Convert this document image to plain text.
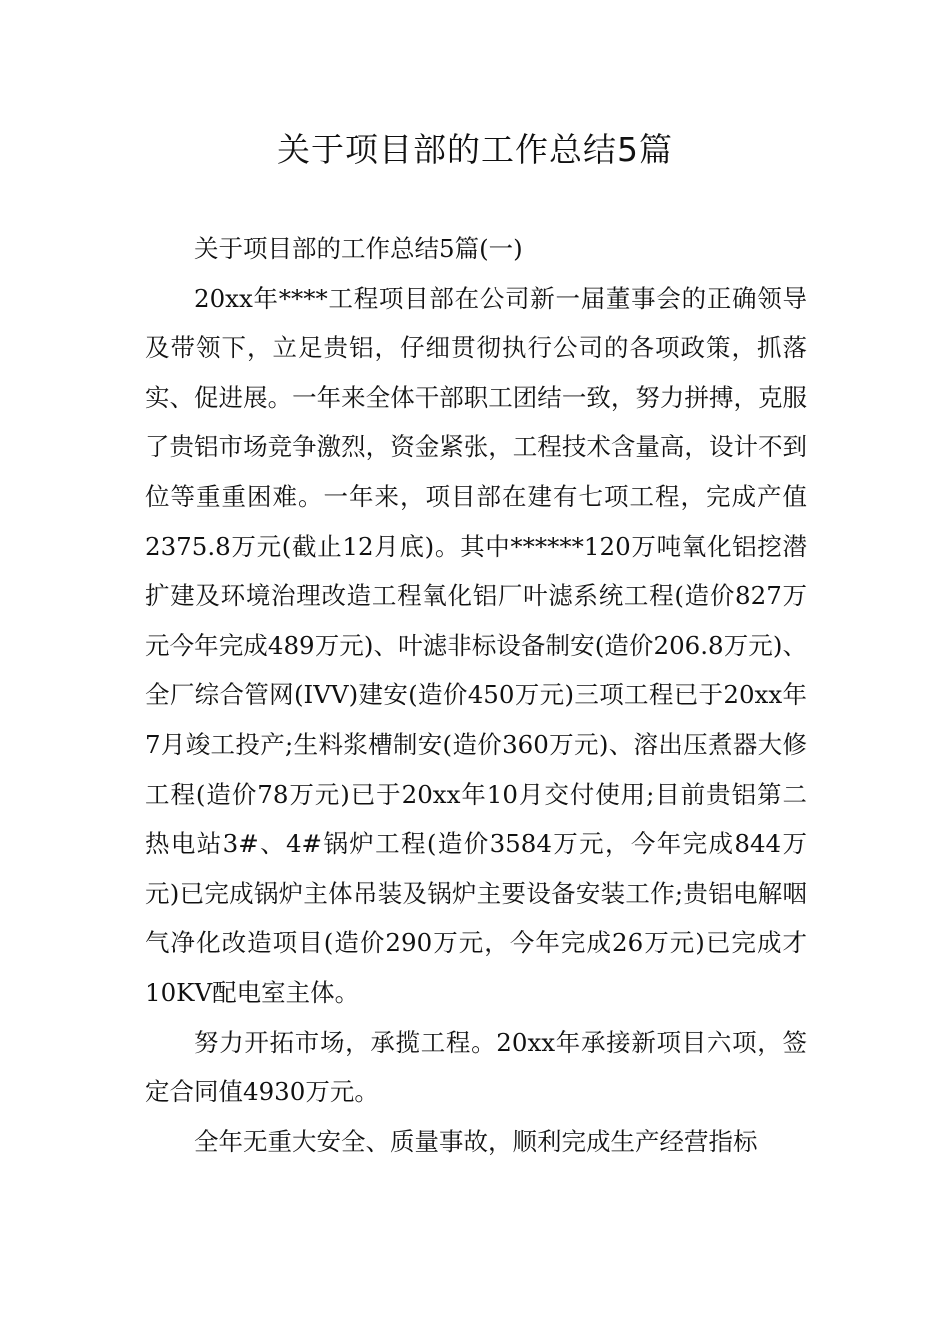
关于项目部的工作总结5篇

关于项目部的工作总结5篇(一)

20xx年****工程项目部在公司新一届董事会的正确领导及带领下，立足贵铝，仔细贯彻执行公司的各项政策，抓落实、促进展。一年来全体干部职工团结一致，努力拼搏，克服了贵铝市场竞争激烈，资金紧张，工程技术含量高，设计不到位等重重困难。一年来，项目部在建有七项工程，完成产值2375.8万元(截止12月底)。其中******120万吨氧化铝挖潜扩建及环境治理改造工程氧化铝厂叶滤系统工程(造价827万元今年完成489万元)、叶滤非标设备制安(造价206.8万元)、全厂综合管网(IVV)建安(造价450万元)三项工程已于20xx年7月竣工投产;生料浆槽制安(造价360万元)、溶出压煮器大修工程(造价78万元)已于20xx年10月交付使用;目前贵铝第二热电站3#、4#锅炉工程(造价3584万元，今年完成844万元)已完成锅炉主体吊装及锅炉主要设备安装工作;贵铝电解咽气净化改造项目(造价290万元，今年完成26万元)已完成才10KV配电室主体。

努力开拓市场，承揽工程。20xx年承接新项目六项，签定合同值4930万元。

全年无重大安全、质量事故，顺利完成生产经营指标
